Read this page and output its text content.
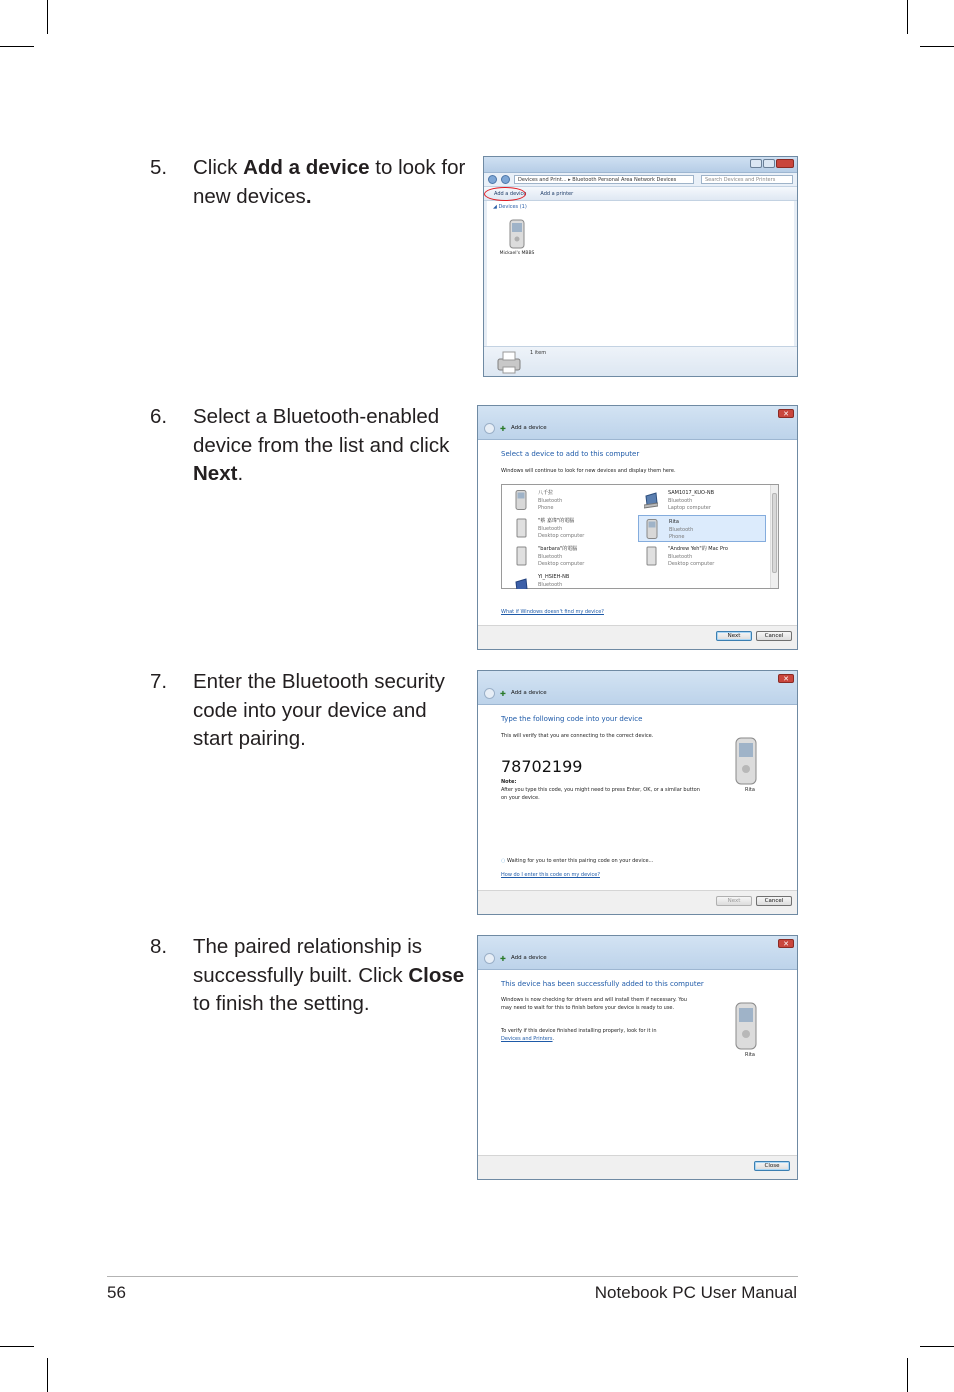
5. Click Add a device to look for new devices.
6. Select a Bluetooth-enabled device from the list and click Next.
7. Enter the Bluetooth security code into your device and start pairing.
8. The paired relationship is successfully built. Click Close to finish the setting.
Devices and Print... ▸ Bluetooth Personal Area Network Devices	Search Devices and Printers
Add a device	Add a printer
◢ Devices (1)
Mickael's MBBS
1 item
✕
✚ Add a device
Select a device to add to this computer
Windows will continue to look for new devices and display them here.
八千拉
Bluetooth
Phone
SAM1017_KUO-NB
Bluetooth
Laptop computer
"蔡 嘉瑋"的電腦
Bluetooth
Desktop computer
Rita
Bluetooth
Phone
"barbara"的電腦
Bluetooth
Desktop computer
"Andrew Yeh"的 Mac Pro
Bluetooth
Desktop computer
YI_HSIEH-NB
Bluetooth
What if Windows doesn't find my device?
Next	Cancel
✕
✚ Add a device
Type the following code into your device
This will verify that you are connecting to the correct device.
78702199
Note:
After you type this code, you might need to press Enter, OK, or a similar button on your device.
Rita
◌ Waiting for you to enter this pairing code on your device...
How do I enter this code on my device?
Next	Cancel
✕
✚ Add a device
This device has been successfully added to this computer
Windows is now checking for drivers and will install them if necessary. You may need to wait for this to finish before your device is ready to use.
To verify if this device finished installing properly, look for it in
Devices and Printers.
Rita
Close
56	Notebook PC User Manual
